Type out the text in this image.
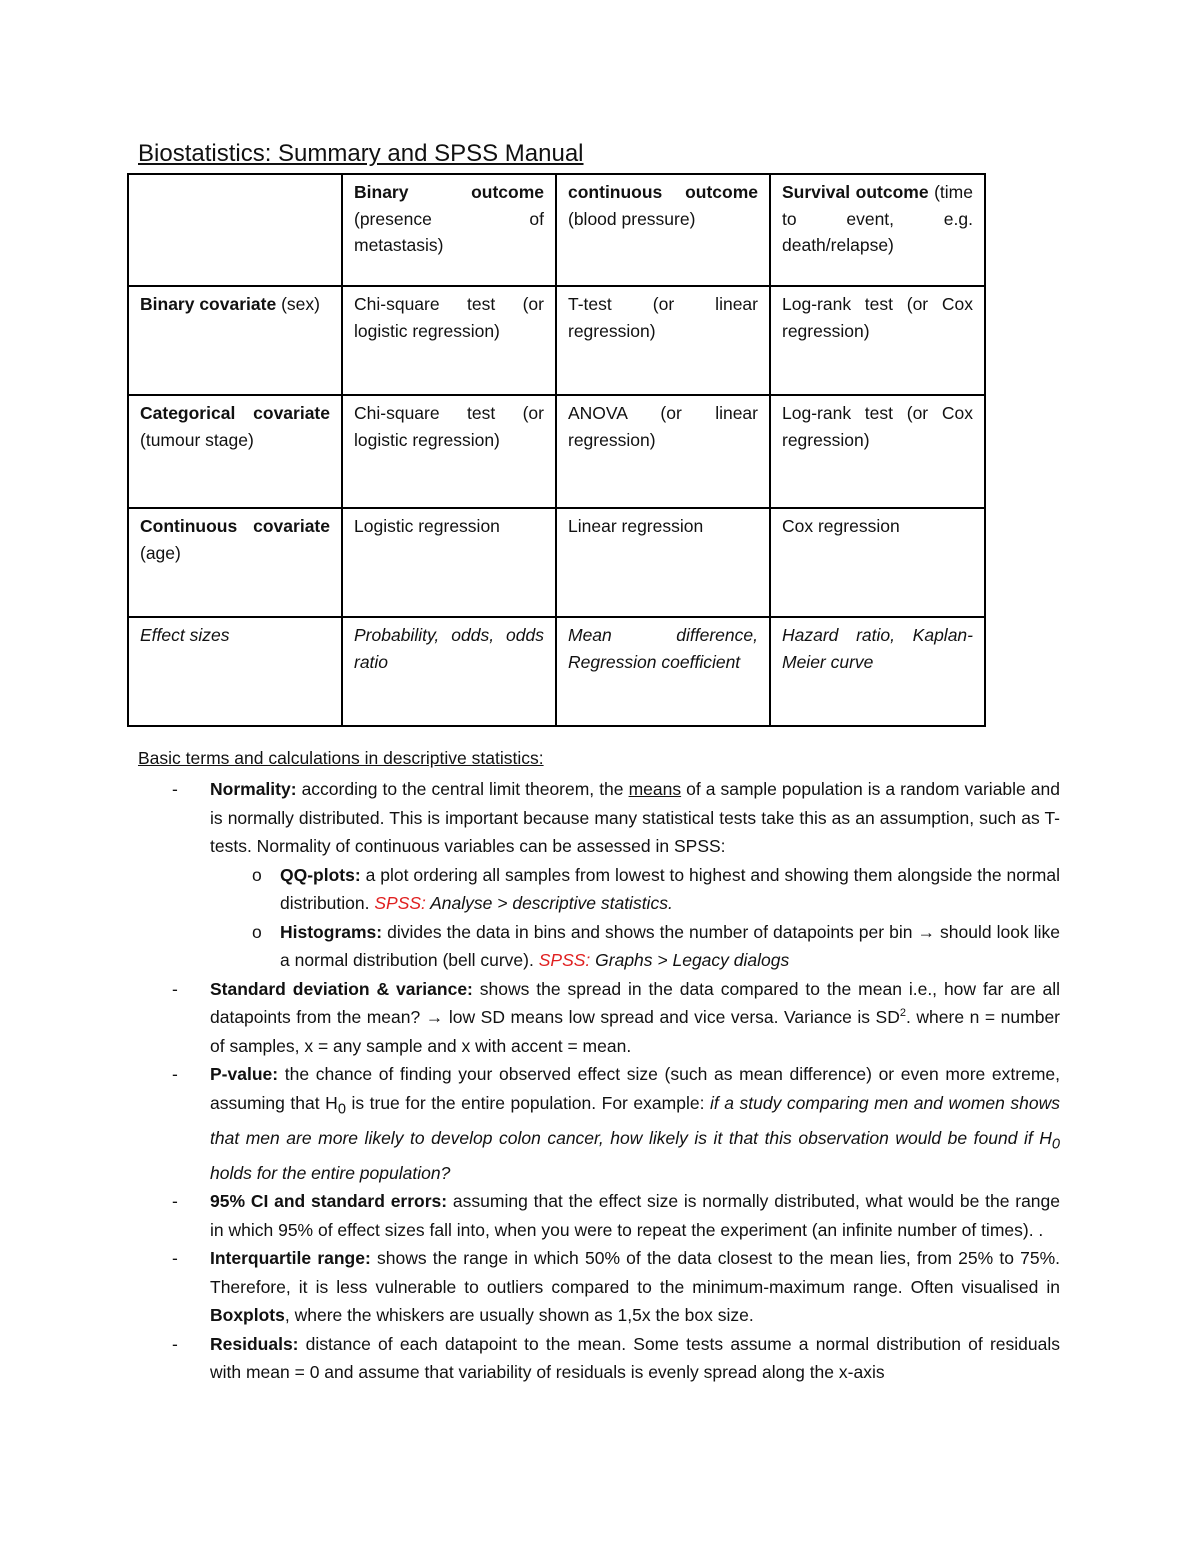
Biostatistics: Summary and SPSS Manual
	Binary outcome (presence of metastasis)	continuous outcome (blood pressure)	Survival outcome (time to event, e.g. death/relapse)
Binary covariate (sex)	Chi-square test (or logistic regression)	T-test (or linear regression)	Log-rank test (or Cox regression)
Categorical covariate (tumour stage)	Chi-square test (or logistic regression)	ANOVA (or linear regression)	Log-rank test (or Cox regression)
Continuous covariate (age)	Logistic regression	Linear regression	Cox regression
Effect sizes	Probability, odds, odds ratio	Mean difference, Regression coefficient	Hazard ratio, Kaplan-Meier curve

Basic terms and calculations in descriptive statistics:

- Normality: according to the central limit theorem, the means of a sample population is a random variable and is normally distributed. This is important because many statistical tests take this as an assumption, such as T-tests. Normality of continuous variables can be assessed in SPSS:
o QQ-plots: a plot ordering all samples from lowest to highest and showing them alongside the normal distribution. SPSS: Analyse > descriptive statistics.
o Histograms: divides the data in bins and shows the number of datapoints per bin → should look like a normal distribution (bell curve). SPSS: Graphs > Legacy dialogs
- Standard deviation & variance: shows the spread in the data compared to the mean i.e., how far are all datapoints from the mean? → low SD means low spread and vice versa. Variance is $SD^2$. where n = number of samples, x = any sample and x with accent = mean.
- P-value: the chance of finding your observed effect size (such as mean difference) or even more extreme, assuming that $H_0$ is true for the entire population. For example: if a study comparing men and women shows that men are more likely to develop colon cancer, how likely is it that this observation would be found if $H_0$ holds for the entire population?
- 95% CI and standard errors: assuming that the effect size is normally distributed, what would be the range in which 95% of effect sizes fall into, when you were to repeat the experiment (an infinite number of times). .
- Interquartile range: shows the range in which 50% of the data closest to the mean lies, from 25% to 75%. Therefore, it is less vulnerable to outliers compared to the minimum-maximum range. Often visualised in Boxplots, where the whiskers are usually shown as 1,5x the box size.
- Residuals: distance of each datapoint to the mean. Some tests assume a normal distribution of residuals with mean = 0 and assume that variability of residuals is evenly spread along the x-axis
